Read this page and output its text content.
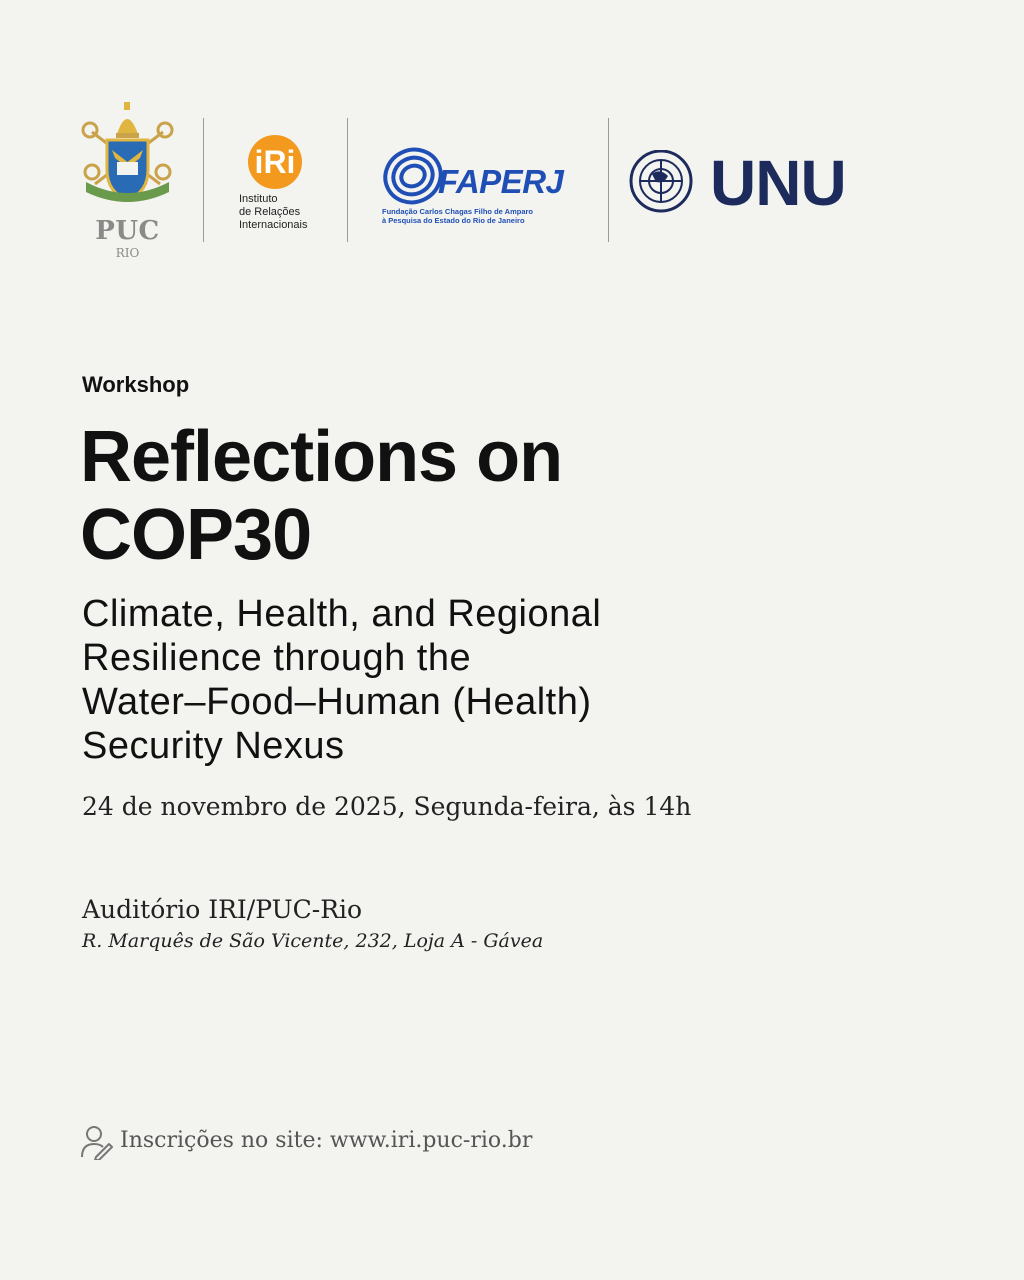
PUC
RIO
iRi
Instituto
de Relações
Internacionais
FAPERJ
Fundação Carlos Chagas Filho de Amparo
à Pesquisa do Estado do Rio de Janeiro
UNU
Workshop
Reflections on COP30
Climate, Health, and Regional
Resilience through the
Water–Food–Human (Health)
Security Nexus
24 de novembro de 2025, Segunda-feira, às 14h
Auditório IRI/PUC-Rio
R. Marquês de São Vicente, 232, Loja A - Gávea
Inscrições no site: www.iri.puc-rio.br
